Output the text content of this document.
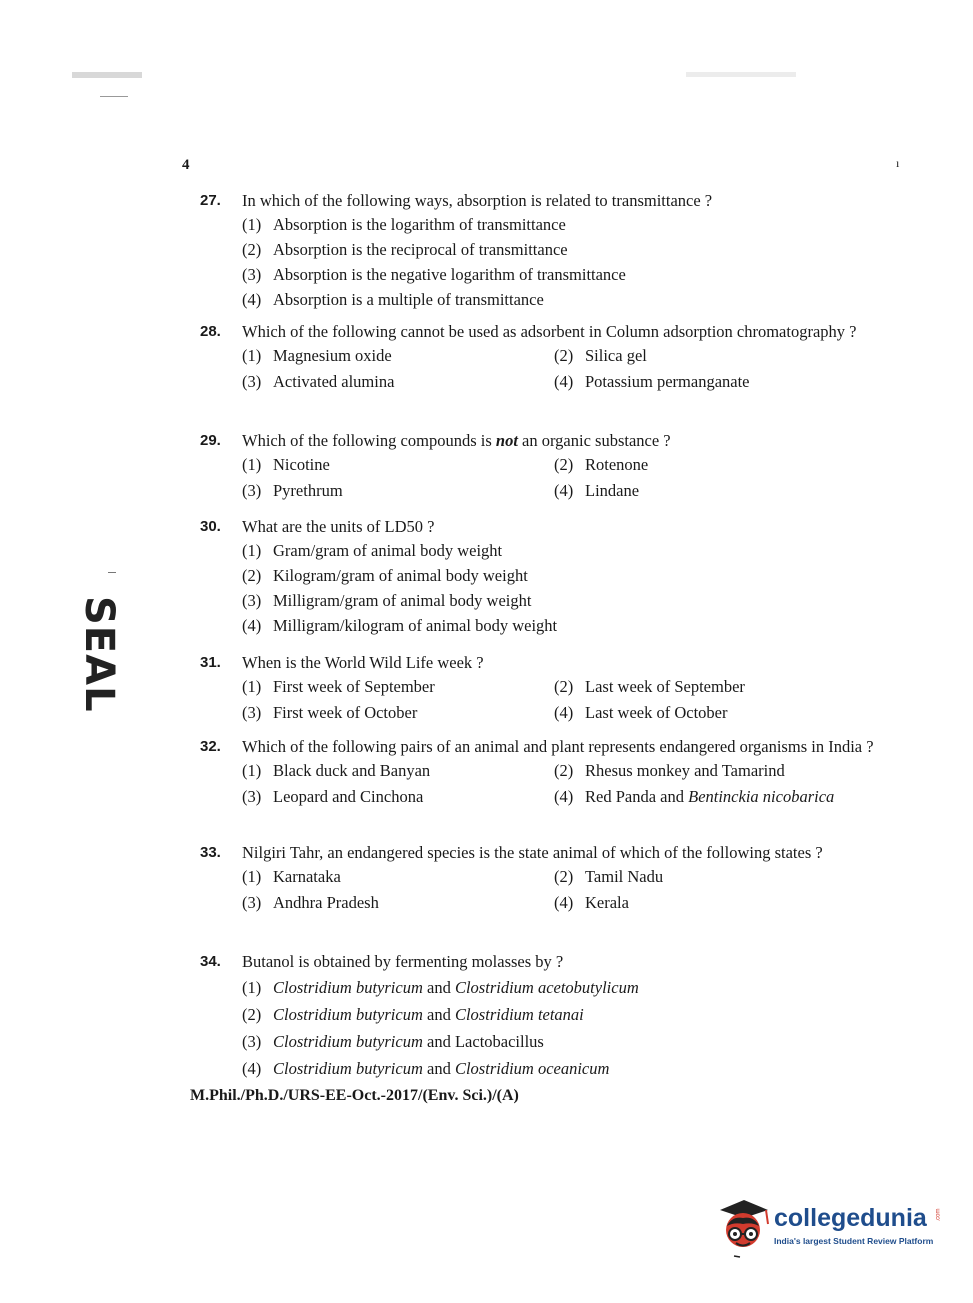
4	ı
SEAL
27. In which of the following ways, absorption is related to transmittance ?
(1) Absorption is the logarithm of transmittance
(2) Absorption is the reciprocal of transmittance
(3) Absorption is the negative logarithm of transmittance
(4) Absorption is a multiple of transmittance
28. Which of the following cannot be used as adsorbent in Column adsorption chromatography ?
(1) Magnesium oxide	(2) Silica gel
(3) Activated alumina	(4) Potassium permanganate
29. Which of the following compounds is not an organic substance ?
(1) Nicotine	(2) Rotenone
(3) Pyrethrum	(4) Lindane
30. What are the units of LD50 ?
(1) Gram/gram of animal body weight
(2) Kilogram/gram of animal body weight
(3) Milligram/gram of animal body weight
(4) Milligram/kilogram of animal body weight
31. When is the World Wild Life week ?
(1) First week of September	(2) Last week of September
(3) First week of October	(4) Last week of October
32. Which of the following pairs of an animal and plant represents endangered organisms in India ?
(1) Black duck and Banyan	(2) Rhesus monkey and Tamarind
(3) Leopard and Cinchona	(4) Red Panda and Bentinckia nicobarica
33. Nilgiri Tahr, an endangered species is the state animal of which of the following states ?
(1) Karnataka	(2) Tamil Nadu
(3) Andhra Pradesh	(4) Kerala
34. Butanol is obtained by fermenting molasses by ?
(1) Clostridium butyricum and Clostridium acetobutylicum
(2) Clostridium butyricum and Clostridium tetanai
(3) Clostridium butyricum and Lactobacillus
(4) Clostridium butyricum and Clostridium oceanicum
M.Phil./Ph.D./URS-EE-Oct.-2017/(Env. Sci.)/(A)
collegedunia .com
India's largest Student Review Platform
